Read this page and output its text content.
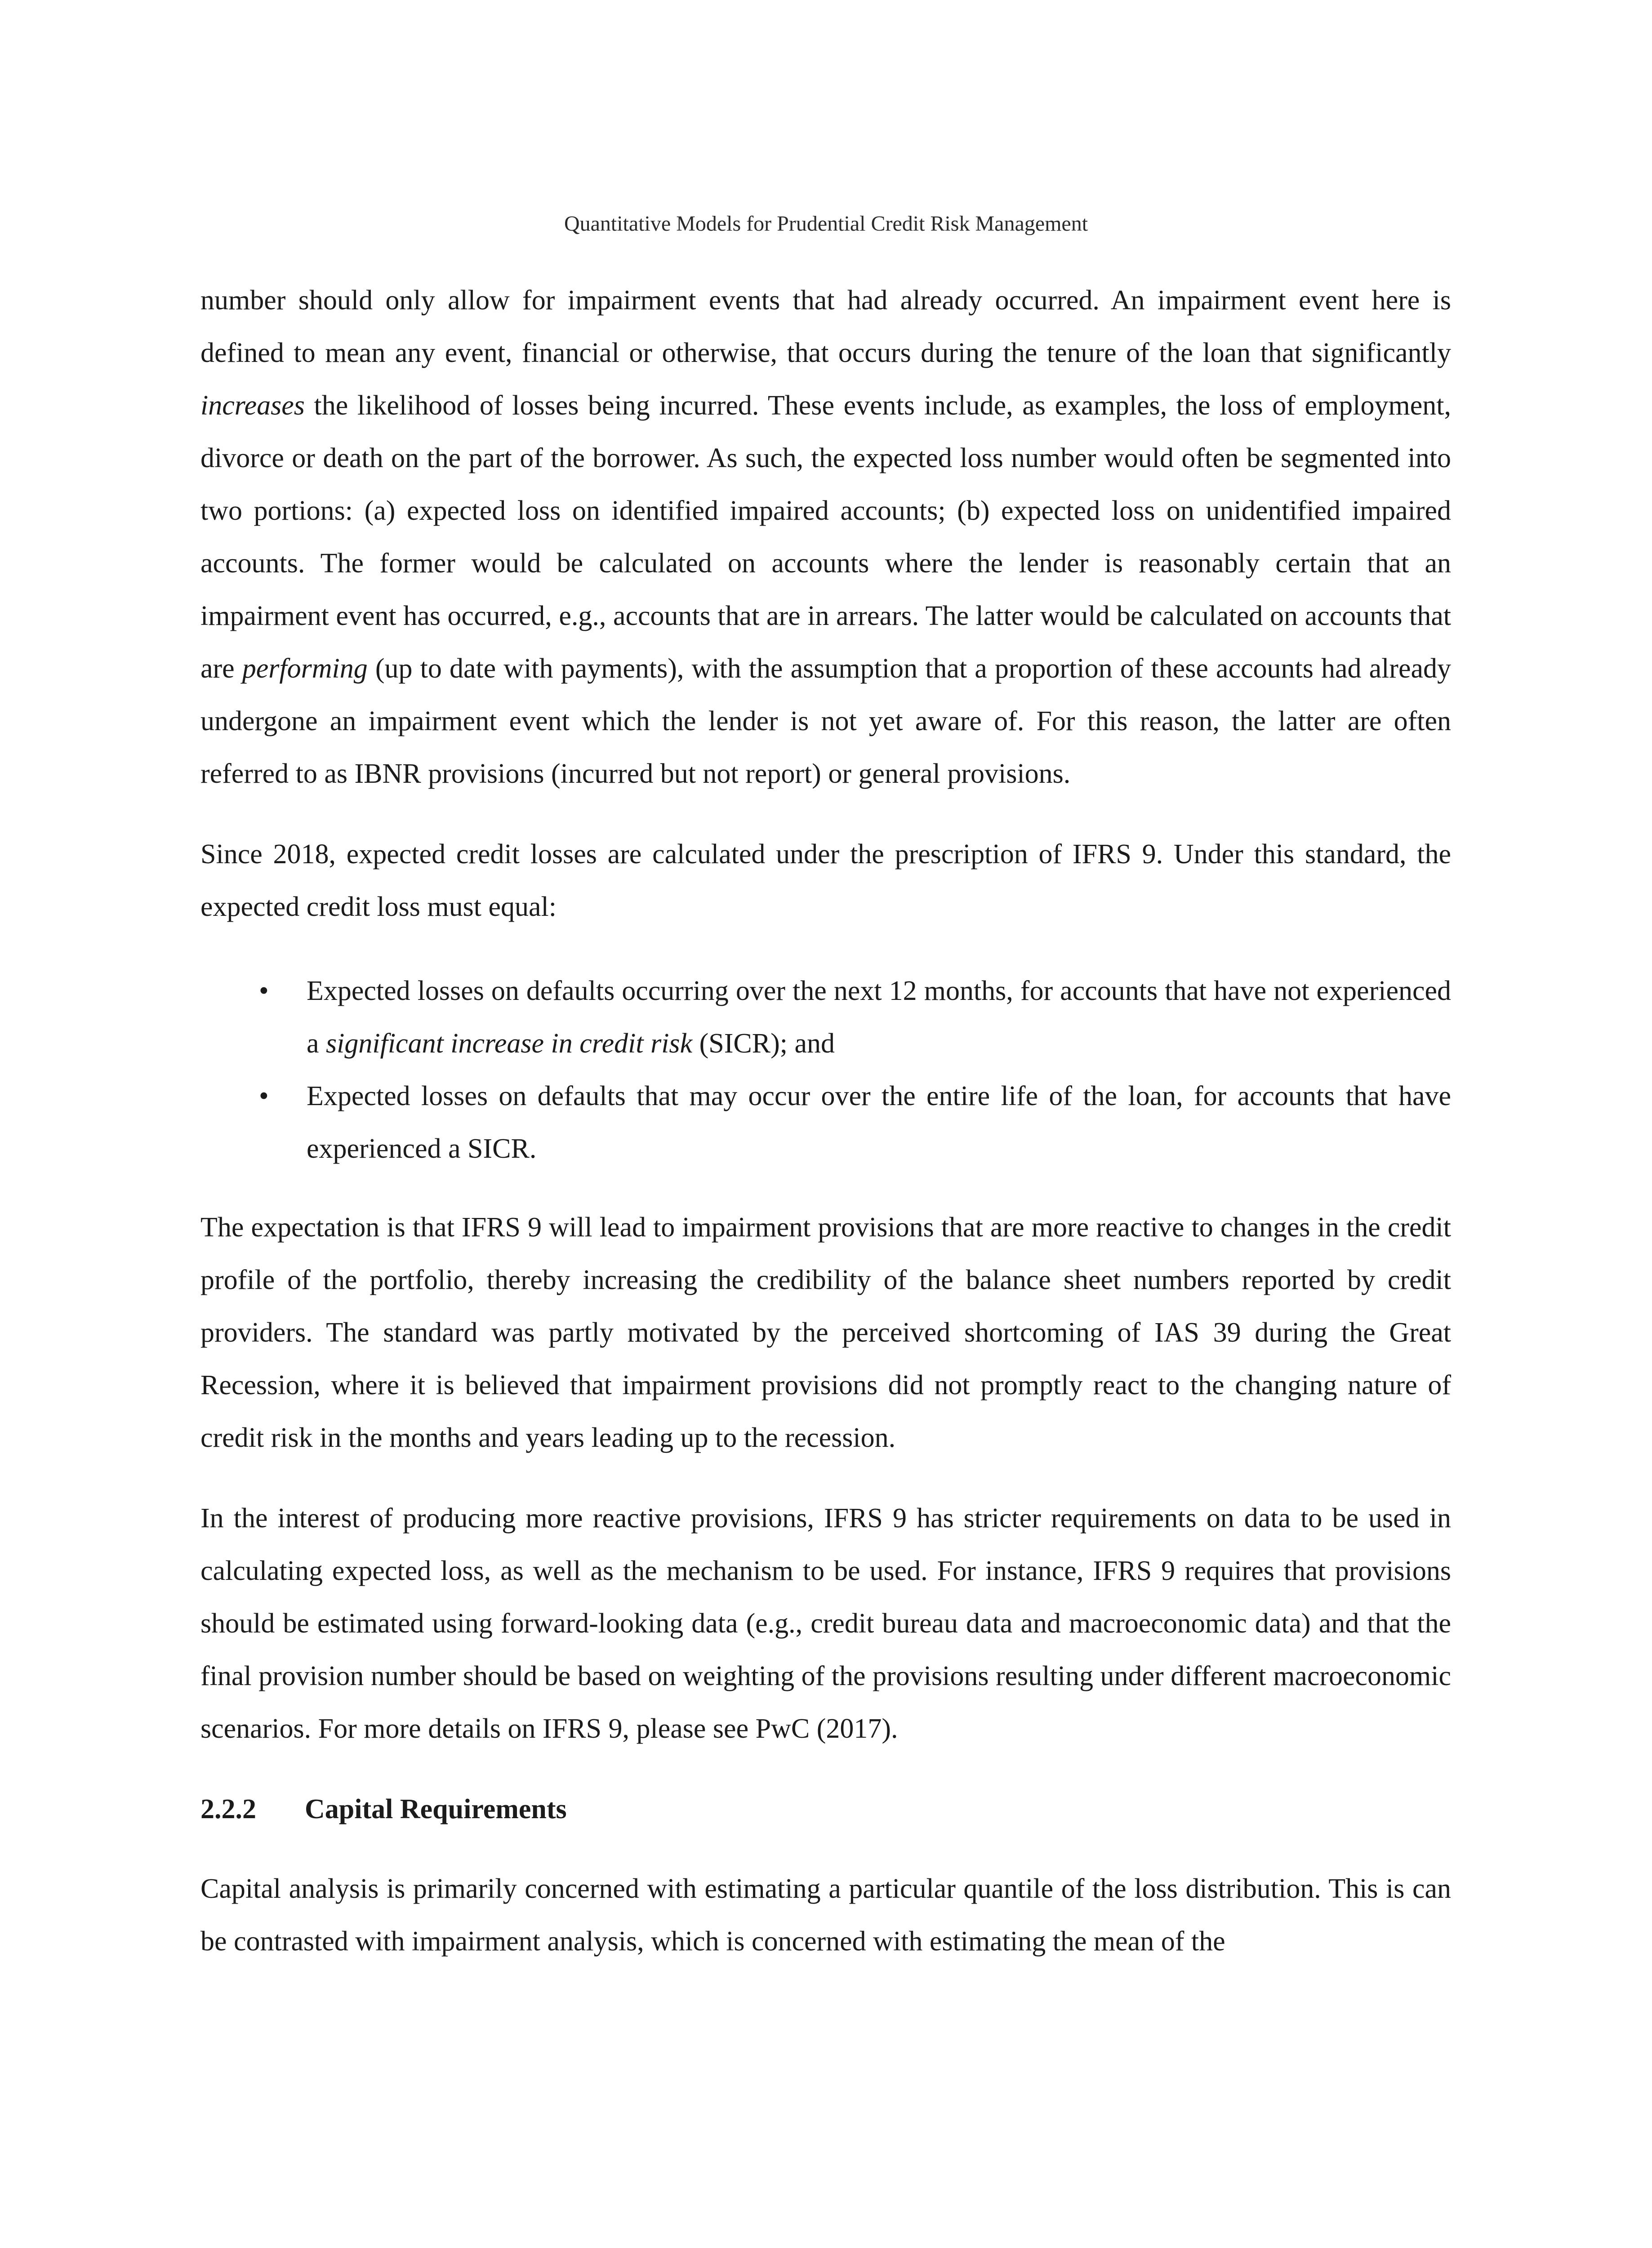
Quantitative Models for Prudential Credit Risk Management

number should only allow for impairment events that had already occurred. An impairment event here is defined to mean any event, financial or otherwise, that occurs during the tenure of the loan that significantly increases the likelihood of losses being incurred. These events include, as examples, the loss of employment, divorce or death on the part of the borrower. As such, the expected loss number would often be segmented into two portions: (a) expected loss on identified impaired accounts; (b) expected loss on unidentified impaired accounts. The former would be calculated on accounts where the lender is reasonably certain that an impairment event has occurred, e.g., accounts that are in arrears. The latter would be calculated on accounts that are performing (up to date with payments), with the assumption that a proportion of these accounts had already undergone an impairment event which the lender is not yet aware of. For this reason, the latter are often referred to as IBNR provisions (incurred but not report) or general provisions.

Since 2018, expected credit losses are calculated under the prescription of IFRS 9. Under this standard, the expected credit loss must equal:

• Expected losses on defaults occurring over the next 12 months, for accounts that have not experienced a significant increase in credit risk (SICR); and
• Expected losses on defaults that may occur over the entire life of the loan, for accounts that have experienced a SICR.

The expectation is that IFRS 9 will lead to impairment provisions that are more reactive to changes in the credit profile of the portfolio, thereby increasing the credibility of the balance sheet numbers reported by credit providers. The standard was partly motivated by the perceived shortcoming of IAS 39 during the Great Recession, where it is believed that impairment provisions did not promptly react to the changing nature of credit risk in the months and years leading up to the recession.

In the interest of producing more reactive provisions, IFRS 9 has stricter requirements on data to be used in calculating expected loss, as well as the mechanism to be used. For instance, IFRS 9 requires that provisions should be estimated using forward-looking data (e.g., credit bureau data and macroeconomic data) and that the final provision number should be based on weighting of the provisions resulting under different macroeconomic scenarios. For more details on IFRS 9, please see PwC (2017).

2.2.2 Capital Requirements

Capital analysis is primarily concerned with estimating a particular quantile of the loss distribution. This is can be contrasted with impairment analysis, which is concerned with estimating the mean of the
